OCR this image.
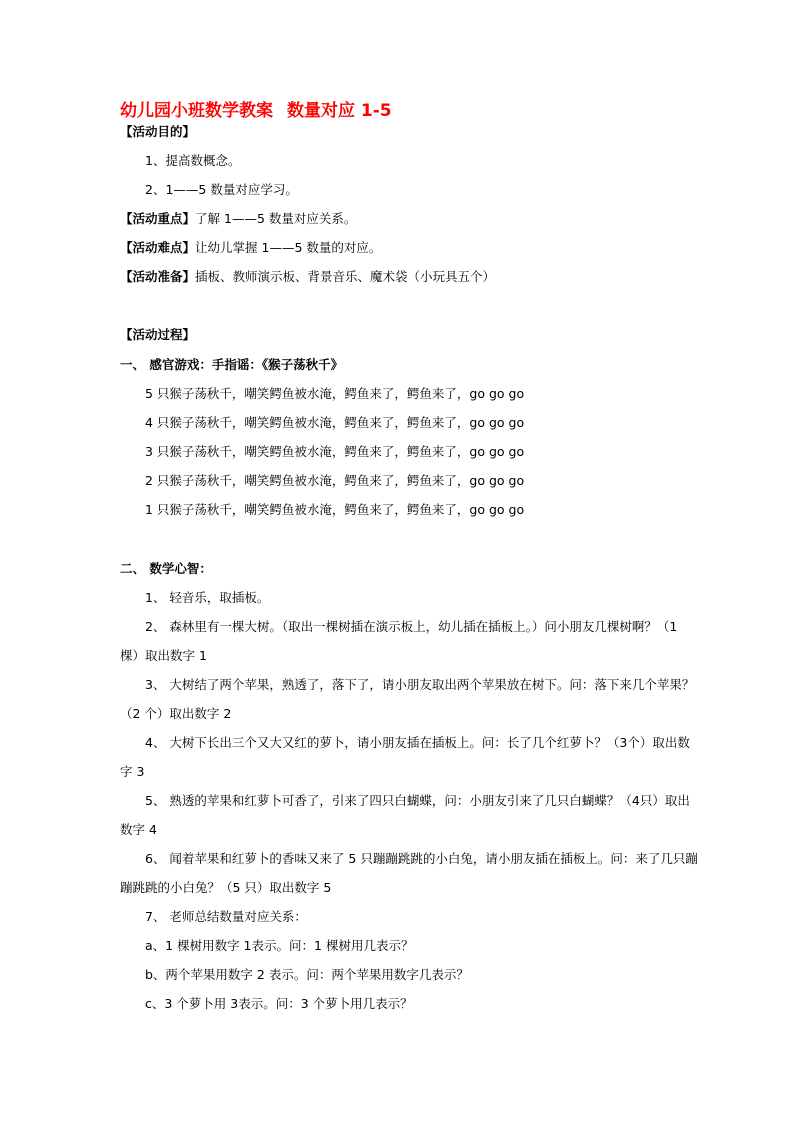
幼儿园小班数学教案 数量对应 1-5
【活动目的】
1、提高数概念。
2、1——5 数量对应学习。
【活动重点】了解 1——5 数量对应关系。
【活动难点】让幼儿掌握 1——5 数量的对应。
【活动准备】插板、教师演示板、背景音乐、魔术袋（小玩具五个）
【活动过程】
一、 感官游戏：手指谣：《猴子荡秋千》
5 只猴子荡秋千，嘲笑鳄鱼被水淹，鳄鱼来了，鳄鱼来了，go go go
4 只猴子荡秋千，嘲笑鳄鱼被水淹，鳄鱼来了，鳄鱼来了，go go go
3 只猴子荡秋千，嘲笑鳄鱼被水淹，鳄鱼来了，鳄鱼来了，go go go
2 只猴子荡秋千，嘲笑鳄鱼被水淹，鳄鱼来了，鳄鱼来了，go go go
1 只猴子荡秋千，嘲笑鳄鱼被水淹，鳄鱼来了，鳄鱼来了，go go go
二、 数学心智：
1、 轻音乐，取插板。
2、 森林里有一棵大树。（取出一棵树插在演示板上，幼儿插在插板上。）问小朋友几棵树啊？（1
棵）取出数字 1
3、 大树结了两个苹果，熟透了，落下了，请小朋友取出两个苹果放在树下。问：落下来几个苹果？
（2 个）取出数字 2
4、 大树下长出三个又大又红的萝卜，请小朋友插在插板上。问：长了几个红萝卜？（3个）取出数
字 3
5、 熟透的苹果和红萝卜可香了，引来了四只白蝴蝶，问：小朋友引来了几只白蝴蝶？（4只）取出
数字 4
6、 闻着苹果和红萝卜的香味又来了 5 只蹦蹦跳跳的小白兔，请小朋友插在插板上。问：来了几只蹦
蹦跳跳的小白兔？（5 只）取出数字 5
7、 老师总结数量对应关系：
a、1 棵树用数字 1表示。问：1 棵树用几表示？
b、两个苹果用数字 2 表示。问：两个苹果用数字几表示？
c、3 个萝卜用 3表示。问：3 个萝卜用几表示？
